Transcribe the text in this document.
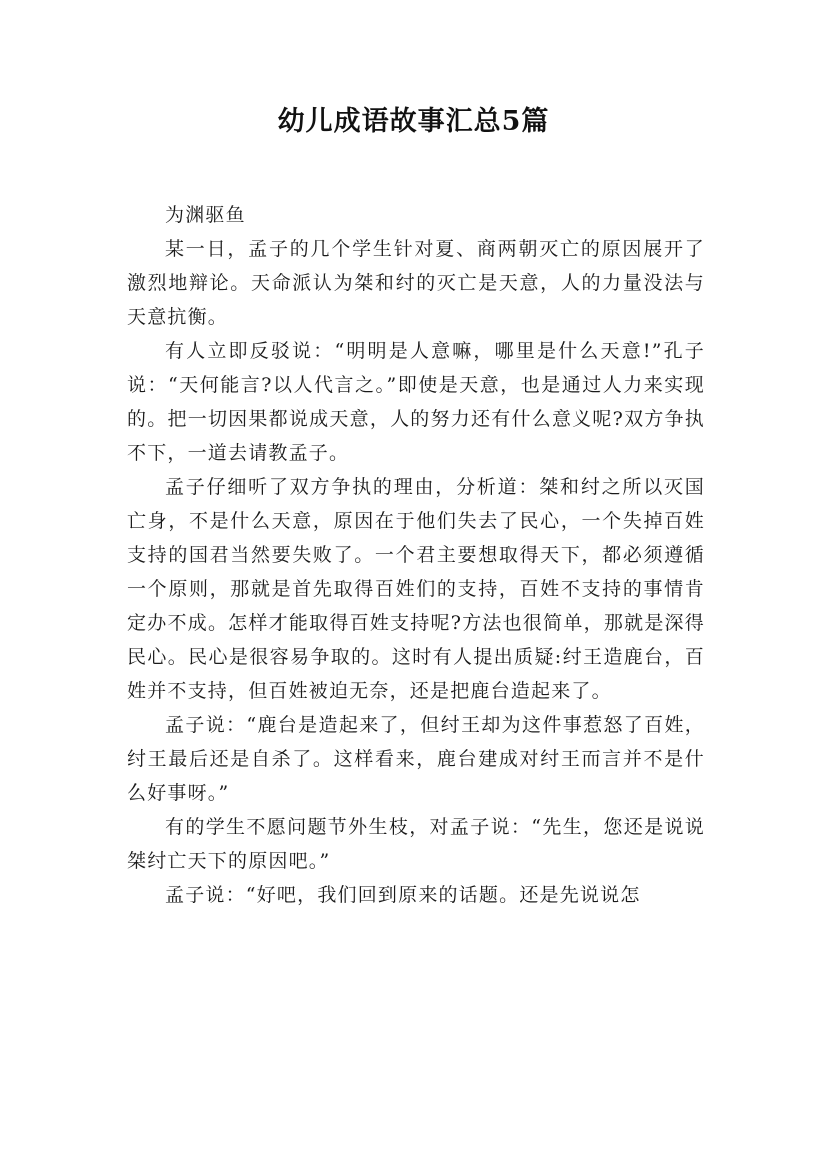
幼儿成语故事汇总5篇

为渊驱鱼

某一日，孟子的几个学生针对夏、商两朝灭亡的原因展开了激烈地辩论。天命派认为桀和纣的灭亡是天意，人的力量没法与天意抗衡。

有人立即反驳说：“明明是人意嘛，哪里是什么天意!”孔子说：“天何能言?以人代言之。”即使是天意，也是通过人力来实现的。把一切因果都说成天意，人的努力还有什么意义呢?双方争执不下，一道去请教孟子。

孟子仔细听了双方争执的理由，分析道：桀和纣之所以灭国亡身，不是什么天意，原因在于他们失去了民心，一个失掉百姓支持的国君当然要失败了。一个君主要想取得天下，都必须遵循一个原则，那就是首先取得百姓们的支持，百姓不支持的事情肯定办不成。怎样才能取得百姓支持呢?方法也很简单，那就是深得民心。民心是很容易争取的。这时有人提出质疑:纣王造鹿台，百姓并不支持，但百姓被迫无奈，还是把鹿台造起来了。

孟子说：“鹿台是造起来了，但纣王却为这件事惹怒了百姓，纣王最后还是自杀了。这样看来，鹿台建成对纣王而言并不是什么好事呀。”

有的学生不愿问题节外生枝，对孟子说：“先生，您还是说说桀纣亡天下的原因吧。”

孟子说：“好吧，我们回到原来的话题。还是先说说怎
